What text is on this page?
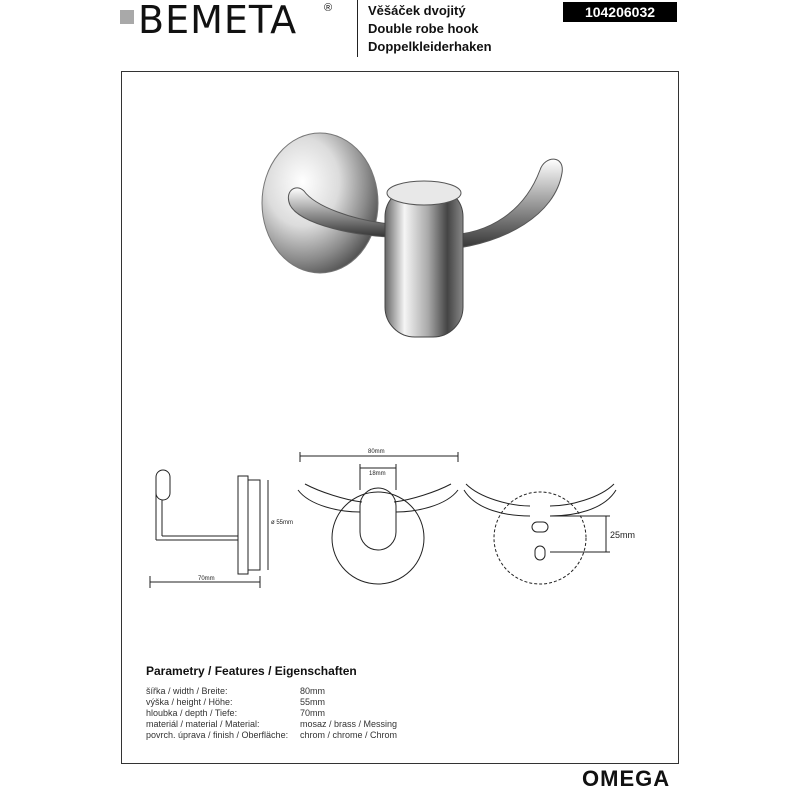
BEMETA ®	Věšáček dvojitý
Double robe hook
Doppelkleiderhaken
104206032
70mm
ø 55mm
80mm
18mm
25mm
Parametry / Features / Eigenschaften
šířka / width / Breite:	80mm
výška / height / Höhe:	55mm
hloubka / depth / Tiefe:	70mm
materiál / material / Material:	mosaz / brass / Messing
povrch. úprava / finish / Oberfläche:	chrom / chrome / Chrom
OMEGA
